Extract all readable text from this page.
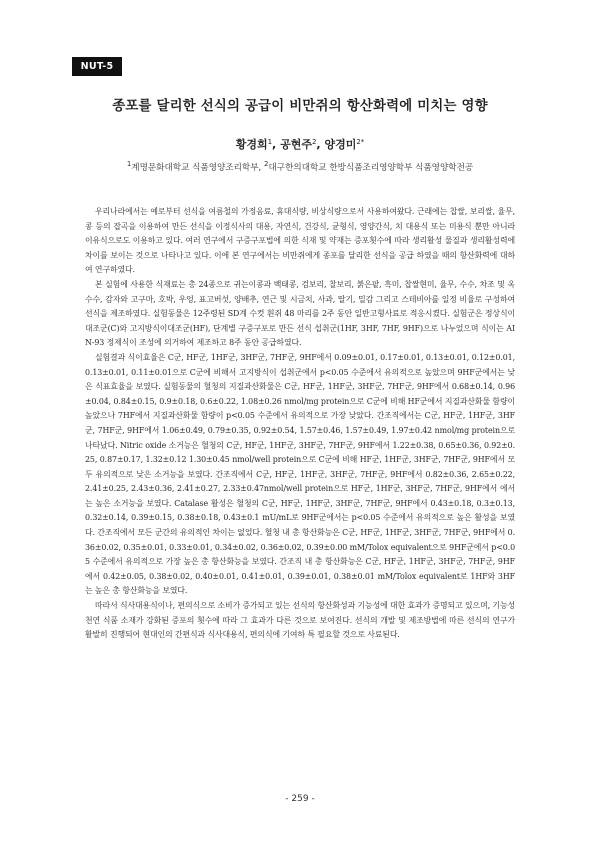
NUT-5
종포를 달리한 선식의 공급이 비만쥐의 항산화력에 미치는 영향
황경희$^1$, 공현주$^2$, 양경미$^{2*}$
$^1$계명문화대학교 식품영양조리학부, $^2$대구한의대학교 한방식품조리영양학부 식품영양학전공

우리나라에서는 예로부터 선식을 여름철의 가정음료, 휴대식량, 비상식량으로서 사용하여왔다. 근래에는 찹쌀, 보리쌀, 율무, 콩 등의 잡곡을 이용하여 만든 선식을 이정식사의 대용, 자연식, 건강식, 균형식, 영양간식, 치 대용식 또는 미용식 뿐만 아니라 이유식으로도 이용하고 있다. 여러 연구에서 구증구포법에 의한 식재 및 약재는 증포횟수에 따라 생리활성 물질과 생리활성력에 차이를 보이는 것으로 나타나고 있다. 이에 본 연구에서는 비만쥐에게 종포를 달리한 선식을 공급 하였을 때의 항산화력에 대하여 연구하였다.

본 실험에 사용한 식재료는 총 24종으로 귀는이콩과 백태콩, 검보리, 찰보리, 붉은팥, 흑미, 찹쌀현미, 율무, 수수, 차조 및 옥수수, 감자와 고구마, 호박, 우엉, 표고버섯, 양배추, 연근 및 시금치, 사과, 딸기, 밀감 그리고 스테비아를 일정 비율로 구성하여 선식을 제조하였다. 실험동물은 12주령된 SD계 수컷 흰쥐 48 마리를 2주 동안 일반고형사료로 적응시켰다. 실험군은 정상식이대조군(C)와 고지방식이대조군(HF), 단계별 구증구포로 만든 선식 섭취군(1HF, 3HF, 7HF, 9HF)으로 나누었으며 식이는 AIN-93 정제식이 조성에 의거하여 제조하고 8주 동안 공급하였다.

실험결과 식이효율은 C군, HF군, 1HF군, 3HF군, 7HF군, 9HF에서 0.09±0.01, 0.17±0.01, 0.13±0.01, 0.12±0.01, 0.13±0.01, 0.11±0.01으로 C군에 비해서 고지방식이 섭취군에서 p<0.05 수준에서 유의적으로 높았으며 9HF군에서는 낮은 식표효율을 보였다. 실험동물의 혈청의 지질과산화물은 C군, HF군, 1HF군, 3HF군, 7HF군, 9HF에서 0.68±0.14, 0.96±0.04, 0.84±0.15, 0.9±0.18, 0.6±0.22, 1.08±0.26 nmol/mg protein으로 C군에 비해 HF군에서 지질과산화물 함량이 높았으나 7HF에서 지질과산화물 함량이 p<0.05 수준에서 유의적으로 가장 낮았다. 간조직에서는 C군, HF군, 1HF군, 3HF군, 7HF군, 9HF에서 1.06±0.49, 0.79±0.35, 0.92±0.54, 1.57±0.46, 1.57±0.49, 1.97±0.42 nmol/mg protein으로 나타났다. Nitric oxide 소거능은 혈청의 C군, HF군, 1HF군, 3HF군, 7HF군, 9HF에서 1.22±0.38, 0.65±0.36, 0.92±0.25, 0.87±0.17, 1.32±0.12 1.30±0.45 nmol/well protein으로 C군에 비해 HF군, 1HF군, 3HF군, 7HF군, 9HF에서 모두 유의적으로 낮은 소거능을 보였다. 간조직에서 C군, HF군, 1HF군, 3HF군, 7HF군, 9HF에서 0.82±0.36, 2.65±0.22, 2.41±0.25, 2.43±0.36, 2.41±0.27, 2.33±0.47nmol/well protein으로 HF군, 1HF군, 3HF군, 7HF군, 9HF에서 에서는 높은 소거능을 보였다. Catalase 활성은 혈청의 C군, HF군, 1HF군, 3HF군, 7HF군, 9HF에서 0.43±0.18, 0.3±0.13, 0.32±0.14, 0.39±0.15, 0.38±0.18, 0.43±0.1 mU/mL로 9HF군에서는 p<0.05 수준에서 유의적으로 높은 활성을 보였다. 간조직에서 모든 군간의 유의적인 차이는 없었다. 혈청 내 총 항산화능은 C군, HF군, 1HF군, 3HF군, 7HF군, 9HF에서 0.36±0.02, 0.35±0.01, 0.33±0.01, 0.34±0.02, 0.36±0.02, 0.39±0.00 mM/Tolox equivalent으로 9HF군에서 p<0.05 수준에서 유의적으로 가장 높은 총 항산화능을 보였다. 간조직 내 총 항산화능은 C군, HF군, 1HF군, 3HF군, 7HF군, 9HF에서 0.42±0.05, 0.38±0.02, 0.40±0.01, 0.41±0.01, 0.39±0.01, 0.38±0.01 mM/Tolox equivalent로 1HF와 3HF는 높은 총 항산화능을 보였다.

따라서 식사대용식이나, 편의식으로 소비가 증가되고 있는 선식의 항산화성과 기능성에 대한 효과가 증명되고 있으며, 기능성 천연 식품 소재가 강화된 증포의 횟수에 따라 그 효과가 다른 것으로 보여진다. 선식의 개발 및 제조방법에 따른 선식의 연구가 활발히 진행되어 현대인의 간편식과 식사대용식, 편의식에 기여하 특 필요할 것으로 사료된다.

- 259 -
